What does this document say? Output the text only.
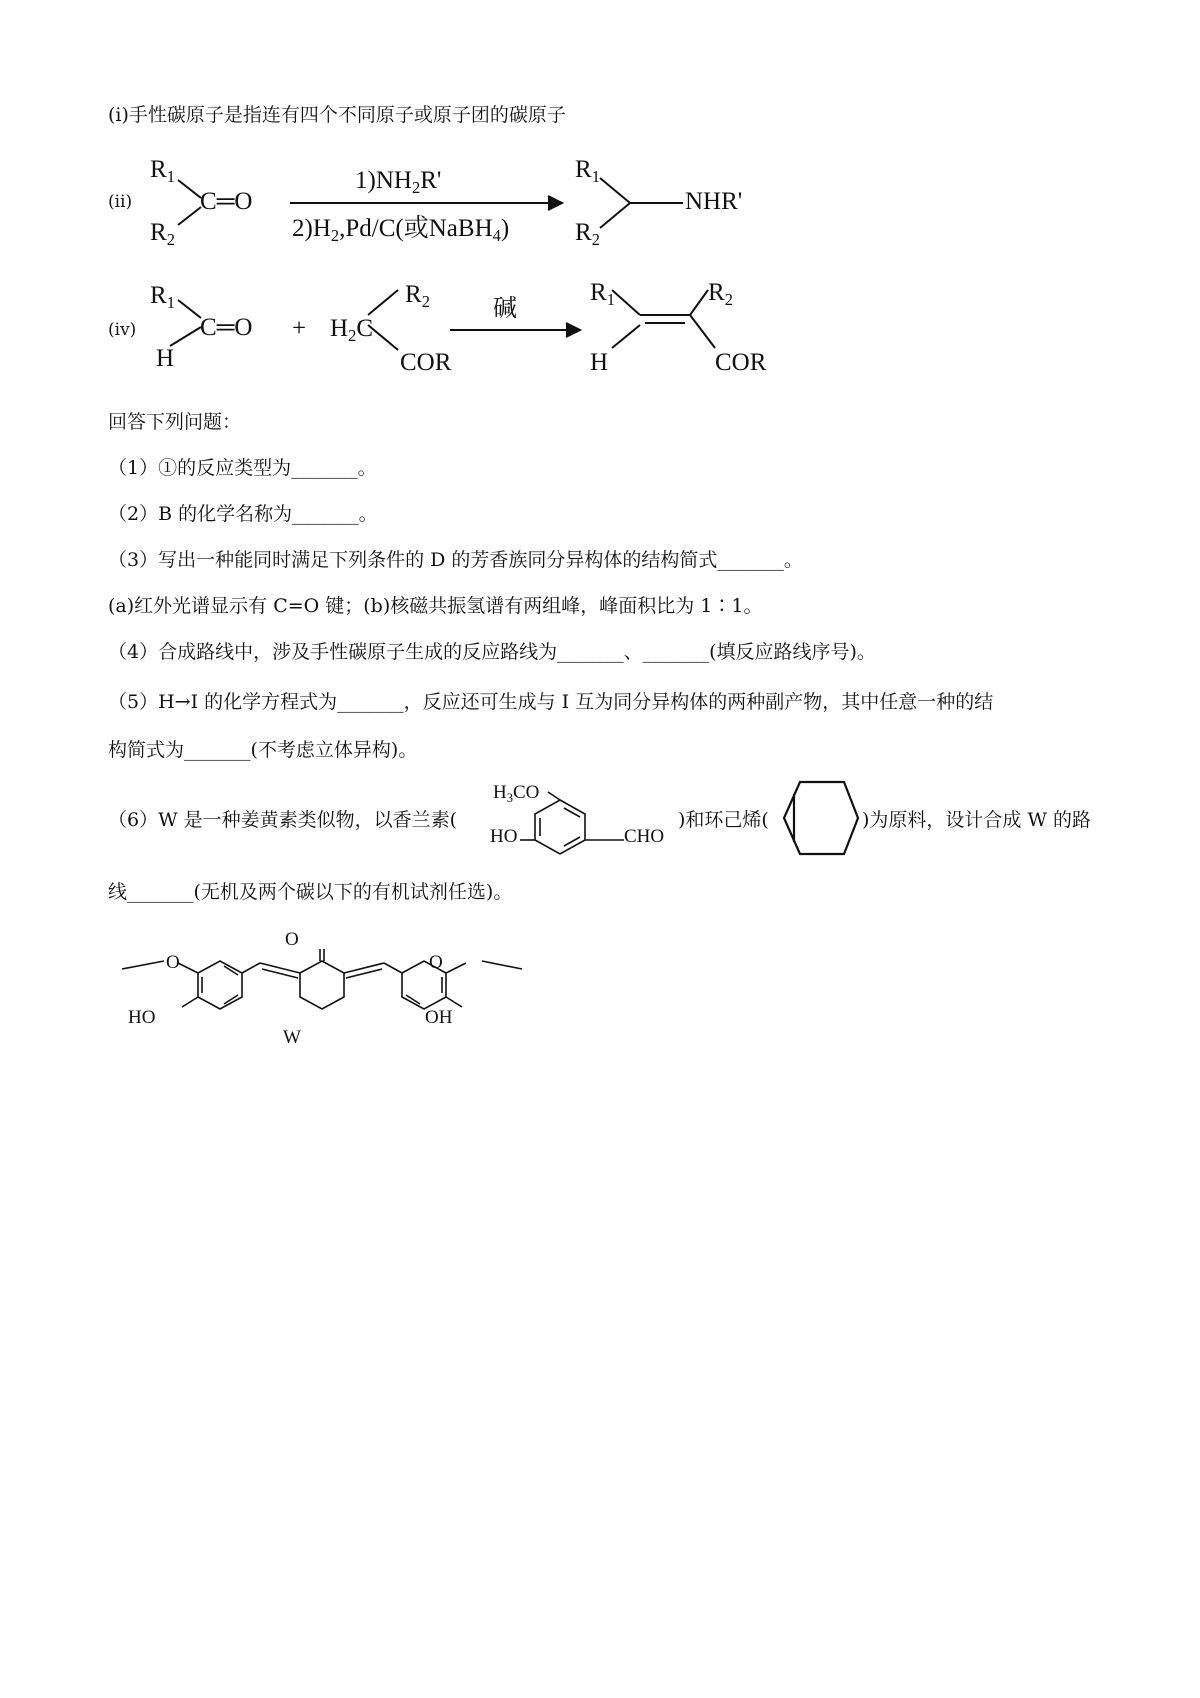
(ⅰ)手性碳原子是指连有四个不同原子或原子团的碳原子
(ⅱ)
$R_1$
$R_2$
C═O
$1)NH_2R'$
$2)H_2,Pd/C$(或NaBH$_4$)
$R_1$
$R_2$
NHR'
(iv)
$R_1$
H
C═O + $H_2C$
$R_2$
COR
碱
$R_1$
H
$R_2$
COR
回答下列问题：
（1）①的反应类型为_______。
（2）B 的化学名称为_______。
（3）写出一种能同时满足下列条件的 D 的芳香族同分异构体的结构简式_______。
(a)红外光谱显示有 C=O 键；(b)核磁共振氢谱有两组峰，峰面积比为 1∶1。
（4）合成路线中，涉及手性碳原子生成的反应路线为_______、_______(填反应路线序号)。
（5）H→I 的化学方程式为_______，反应还可生成与 I 互为同分异构体的两种副产物，其中任意一种的结
构简式为_______(不考虑立体异构)。
（6）W 是一种姜黄素类似物，以香兰素(
$H_3CO$
HO	CHO
)和环己烯(	)为原料，设计合成 W 的路
线_______(无机及两个碳以下的有机试剂任选)。
O
HO	OH
O	O
W
